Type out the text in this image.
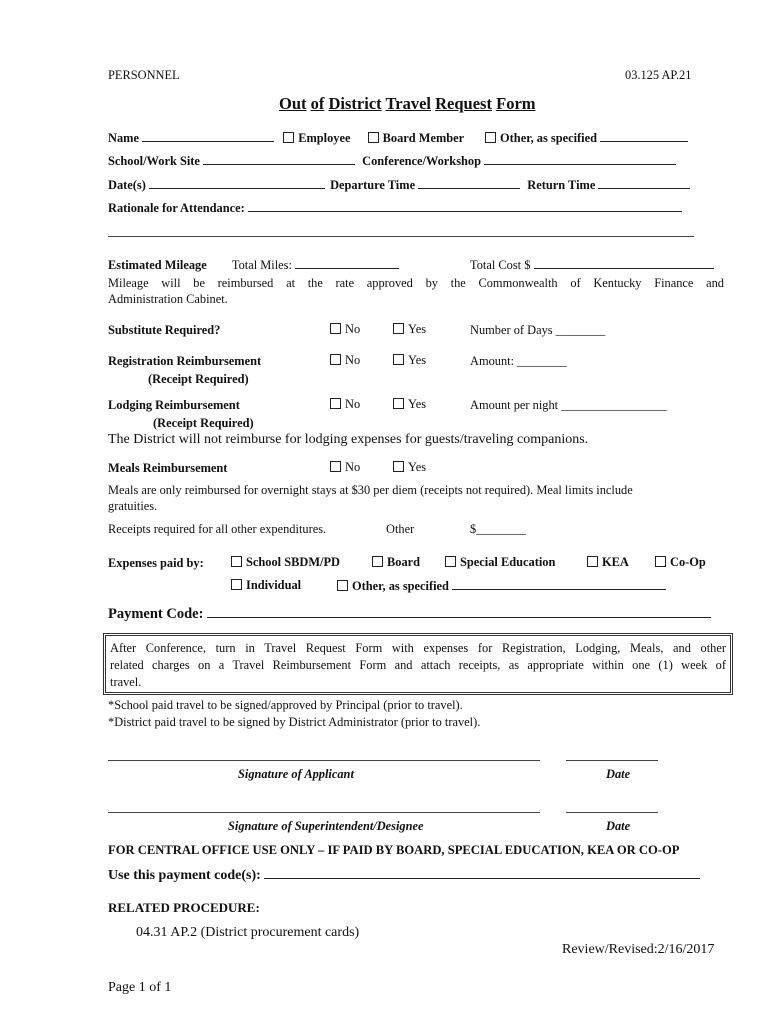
PERSONNEL	03.125 AP.21
Out of District Travel Request Form
Name	Employee	Board Member	Other, as specified
School/Work Site	Conference/Workshop
Date(s)	Departure Time	Return Time
Rationale for Attendance:
Estimated Mileage Total Miles:	Total Cost $
Mileage will be reimbursed at the rate approved by the Commonwealth of Kentucky Finance and
Administration Cabinet.
Substitute Required?	No	Yes	Number of Days ________
Registration Reimbursement
(Receipt Required)
No	Yes	Amount: ________
Lodging Reimbursement
(Receipt Required)
No	Yes	Amount per night _________________
The District will not reimburse for lodging expenses for guests/traveling companions.
Meals Reimbursement	No	Yes
Meals are only reimbursed for overnight stays at $30 per diem (receipts not required). Meal limits include
gratuities.
Receipts required for all other expenditures.	Other	$________
Expenses paid by:	School SBDM/PD	Board	Special Education	KEA	Co-Op
Individual	Other, as specified
Payment Code:

After Conference, turn in Travel Request Form with expenses for Registration, Lodging, Meals, and other

related charges on a Travel Reimbursement Form and attach receipts, as appropriate within one (1) week of

travel.

*School paid travel to be signed/approved by Principal (prior to travel).
*District paid travel to be signed by District Administrator (prior to travel).
Signature of Applicant	Date
Signature of Superintendent/Designee	Date
FOR CENTRAL OFFICE USE ONLY – IF PAID BY BOARD, SPECIAL EDUCATION, KEA OR CO-OP
Use this payment code(s):
RELATED PROCEDURE:
04.31 AP.2 (District procurement cards)
Review/Revised:2/16/2017
Page 1 of 1
